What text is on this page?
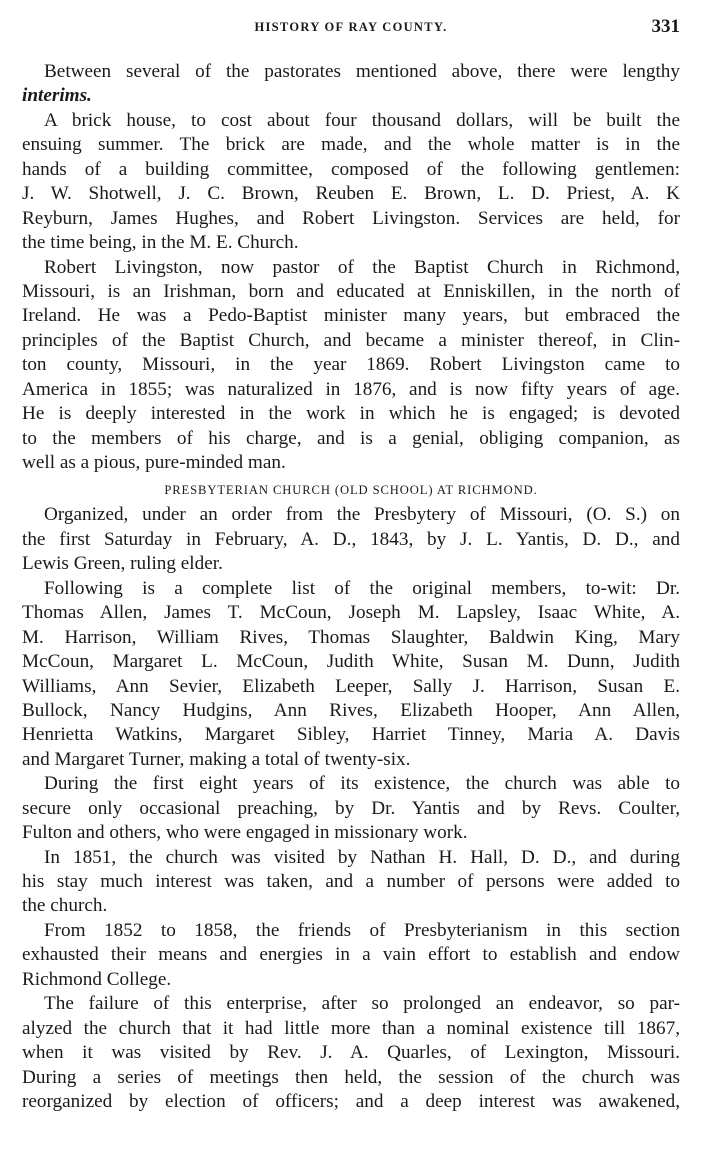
HISTORY OF RAY COUNTY.	331
Between several of the pastorates mentioned above, there were lengthy
interims.
A brick house, to cost about four thousand dollars, will be built the
ensuing summer. The brick are made, and the whole matter is in the
hands of a building committee, composed of the following gentlemen:
J. W. Shotwell, J. C. Brown, Reuben E. Brown, L. D. Priest, A. K
Reyburn, James Hughes, and Robert Livingston. Services are held, for
the time being, in the M. E. Church.
Robert Livingston, now pastor of the Baptist Church in Richmond,
Missouri, is an Irishman, born and educated at Enniskillen, in the north of
Ireland. He was a Pedo-Baptist minister many years, but embraced the
principles of the Baptist Church, and became a minister thereof, in Clin-
ton county, Missouri, in the year 1869. Robert Livingston came to
America in 1855; was naturalized in 1876, and is now fifty years of age.
He is deeply interested in the work in which he is engaged; is devoted
to the members of his charge, and is a genial, obliging companion, as
well as a pious, pure-minded man.
PRESBYTERIAN CHURCH (OLD SCHOOL) AT RICHMOND.
Organized, under an order from the Presbytery of Missouri, (O. S.) on
the first Saturday in February, A. D., 1843, by J. L. Yantis, D. D., and
Lewis Green, ruling elder.
Following is a complete list of the original members, to-wit: Dr.
Thomas Allen, James T. McCoun, Joseph M. Lapsley, Isaac White, A.
M. Harrison, William Rives, Thomas Slaughter, Baldwin King, Mary
McCoun, Margaret L. McCoun, Judith White, Susan M. Dunn, Judith
Williams, Ann Sevier, Elizabeth Leeper, Sally J. Harrison, Susan E.
Bullock, Nancy Hudgins, Ann Rives, Elizabeth Hooper, Ann Allen,
Henrietta Watkins, Margaret Sibley, Harriet Tinney, Maria A. Davis
and Margaret Turner, making a total of twenty-six.
During the first eight years of its existence, the church was able to
secure only occasional preaching, by Dr. Yantis and by Revs. Coulter,
Fulton and others, who were engaged in missionary work.
In 1851, the church was visited by Nathan H. Hall, D. D., and during
his stay much interest was taken, and a number of persons were added to
the church.
From 1852 to 1858, the friends of Presbyterianism in this section
exhausted their means and energies in a vain effort to establish and endow
Richmond College.
The failure of this enterprise, after so prolonged an endeavor, so par-
alyzed the church that it had little more than a nominal existence till 1867,
when it was visited by Rev. J. A. Quarles, of Lexington, Missouri.
During a series of meetings then held, the session of the church was
reorganized by election of officers; and a deep interest was awakened,
